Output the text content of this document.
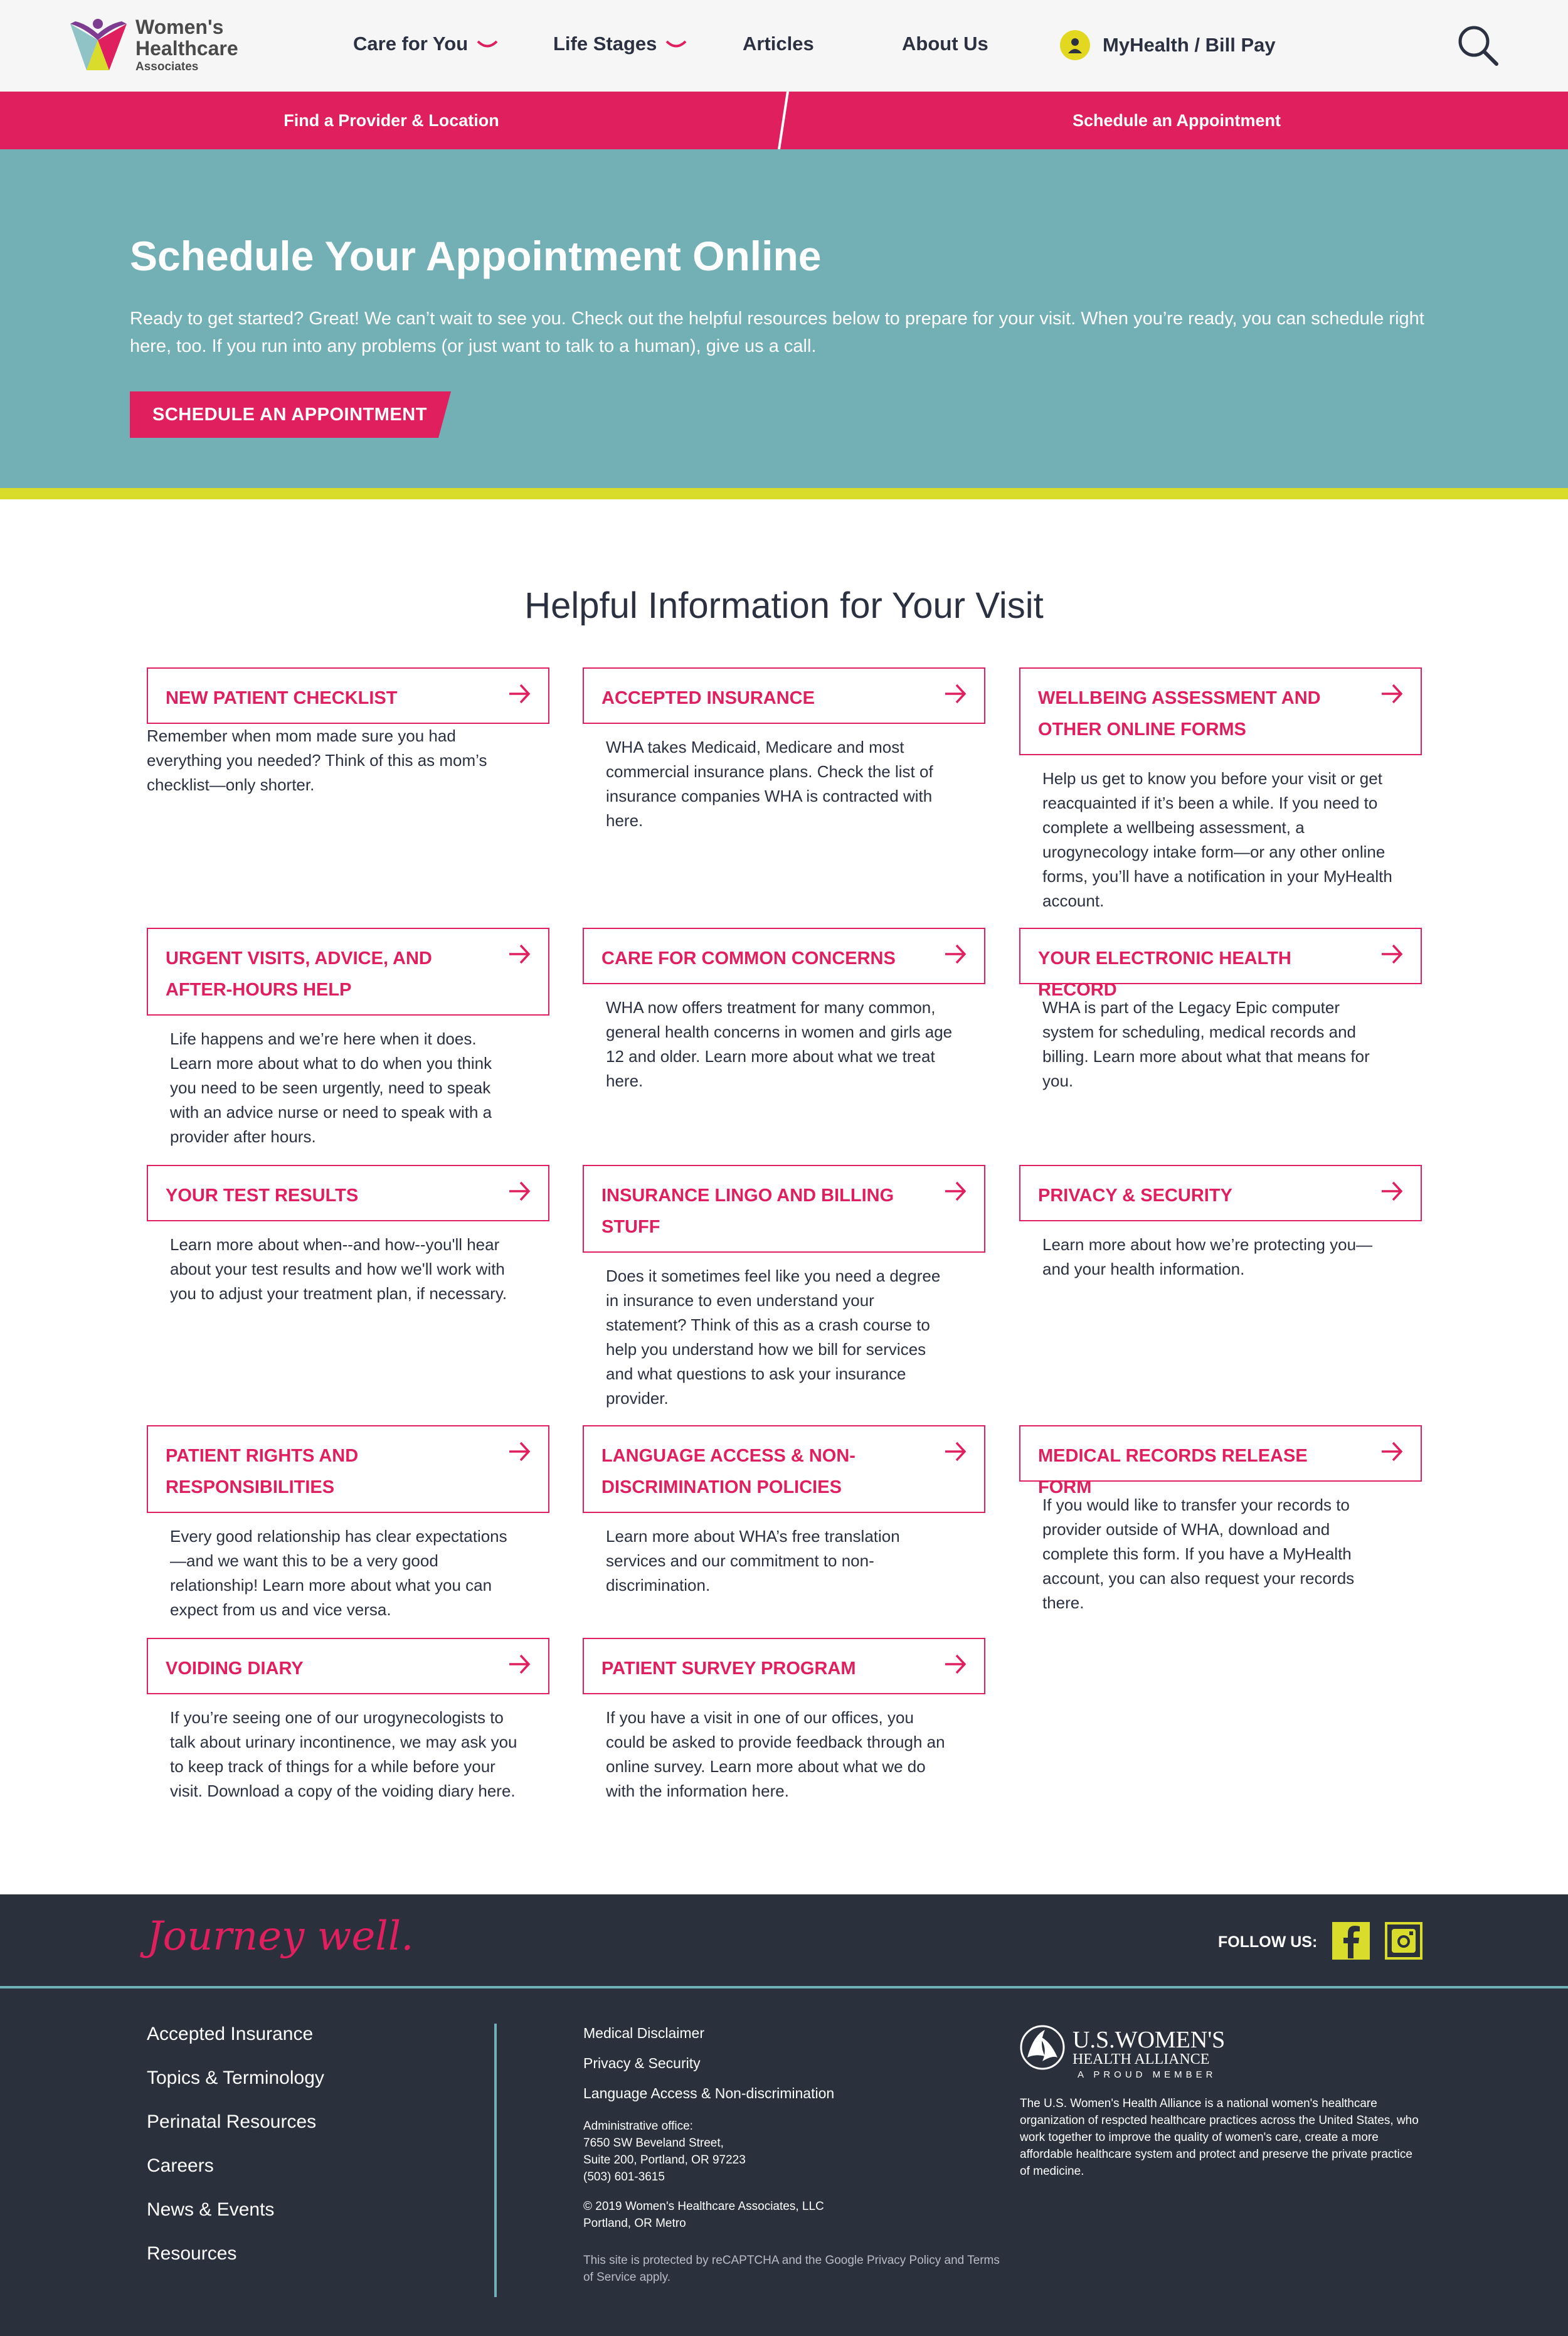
Women's
Healthcare
Associates
Care for You	Life Stages	Articles	About Us	MyHealth / Bill Pay
Find a Provider & Location	Schedule an Appointment
Schedule Your Appointment Online

Ready to get started? Great! We can’t wait to see you. Check out the helpful resources below to prepare for your visit. When you’re ready, you can schedule right here, too. If you run into any problems (or just want to talk to a human), give us a call.

SCHEDULE AN APPOINTMENT
Helpful Information for Your Visit
NEW PATIENT CHECKLIST
Remember when mom made sure you had everything you needed? Think of this as mom’s checklist—only shorter.
ACCEPTED INSURANCE
WHA takes Medicaid, Medicare and most commercial insurance plans. Check the list of insurance companies WHA is contracted with here.
WELLBEING ASSESSMENT AND OTHER ONLINE FORMS
Help us get to know you before your visit or get reacquainted if it’s been a while. If you need to complete a wellbeing assessment, a urogynecology intake form—or any other online forms, you’ll have a notification in your MyHealth account.
URGENT VISITS, ADVICE, AND AFTER-HOURS HELP
Life happens and we’re here when it does. Learn more about what to do when you think you need to be seen urgently, need to speak with an advice nurse or need to speak with a provider after hours.
CARE FOR COMMON CONCERNS
WHA now offers treatment for many common, general health concerns in women and girls age 12 and older. Learn more about what we treat here.
YOUR ELECTRONIC HEALTH RECORD
WHA is part of the Legacy Epic computer system for scheduling, medical records and billing. Learn more about what that means for you.
YOUR TEST RESULTS
Learn more about when--and how--you'll hear about your test results and how we'll work with you to adjust your treatment plan, if necessary.
INSURANCE LINGO AND BILLING STUFF
Does it sometimes feel like you need a degree in insurance to even understand your statement? Think of this as a crash course to help you understand how we bill for services and what questions to ask your insurance provider.
PRIVACY & SECURITY
Learn more about how we’re protecting you—and your health information.
PATIENT RIGHTS AND RESPONSIBILITIES
Every good relationship has clear expectations—and we want this to be a very good relationship! Learn more about what you can expect from us and vice versa.
LANGUAGE ACCESS & NON-DISCRIMINATION POLICIES
Learn more about WHA’s free translation services and our commitment to non-discrimination.
MEDICAL RECORDS RELEASE FORM
If you would like to transfer your records to provider outside of WHA, download and complete this form. If you have a MyHealth account, you can also request your records there.
VOIDING DIARY
If you’re seeing one of our urogynecologists to talk about urinary incontinence, we may ask you to keep track of things for a while before your visit. Download a copy of the voiding diary here.
PATIENT SURVEY PROGRAM
If you have a visit in one of our offices, you could be asked to provide feedback through an online survey. Learn more about what we do with the information here.
Journey well.	FOLLOW US:
Accepted Insurance
Topics & Terminology
Perinatal Resources
Careers
News & Events
Resources
Medical Disclaimer
Privacy & Security
Language Access & Non-discrimination
Administrative office:
7650 SW Beveland Street,
Suite 200, Portland, OR 97223
(503) 601-3615
© 2019 Women's Healthcare Associates, LLC
Portland, OR Metro
This site is protected by reCAPTCHA and the Google Privacy Policy and Terms of Service apply.
U.S.WOMEN'S
HEALTH ALLIANCE
A PROUD MEMBER
The U.S. Women's Health Alliance is a national women's healthcare organization of respcted healthcare practices across the United States, who work together to improve the quality of women's care, create a more affordable healthcare system and protect and preserve the private practice of medicine.
